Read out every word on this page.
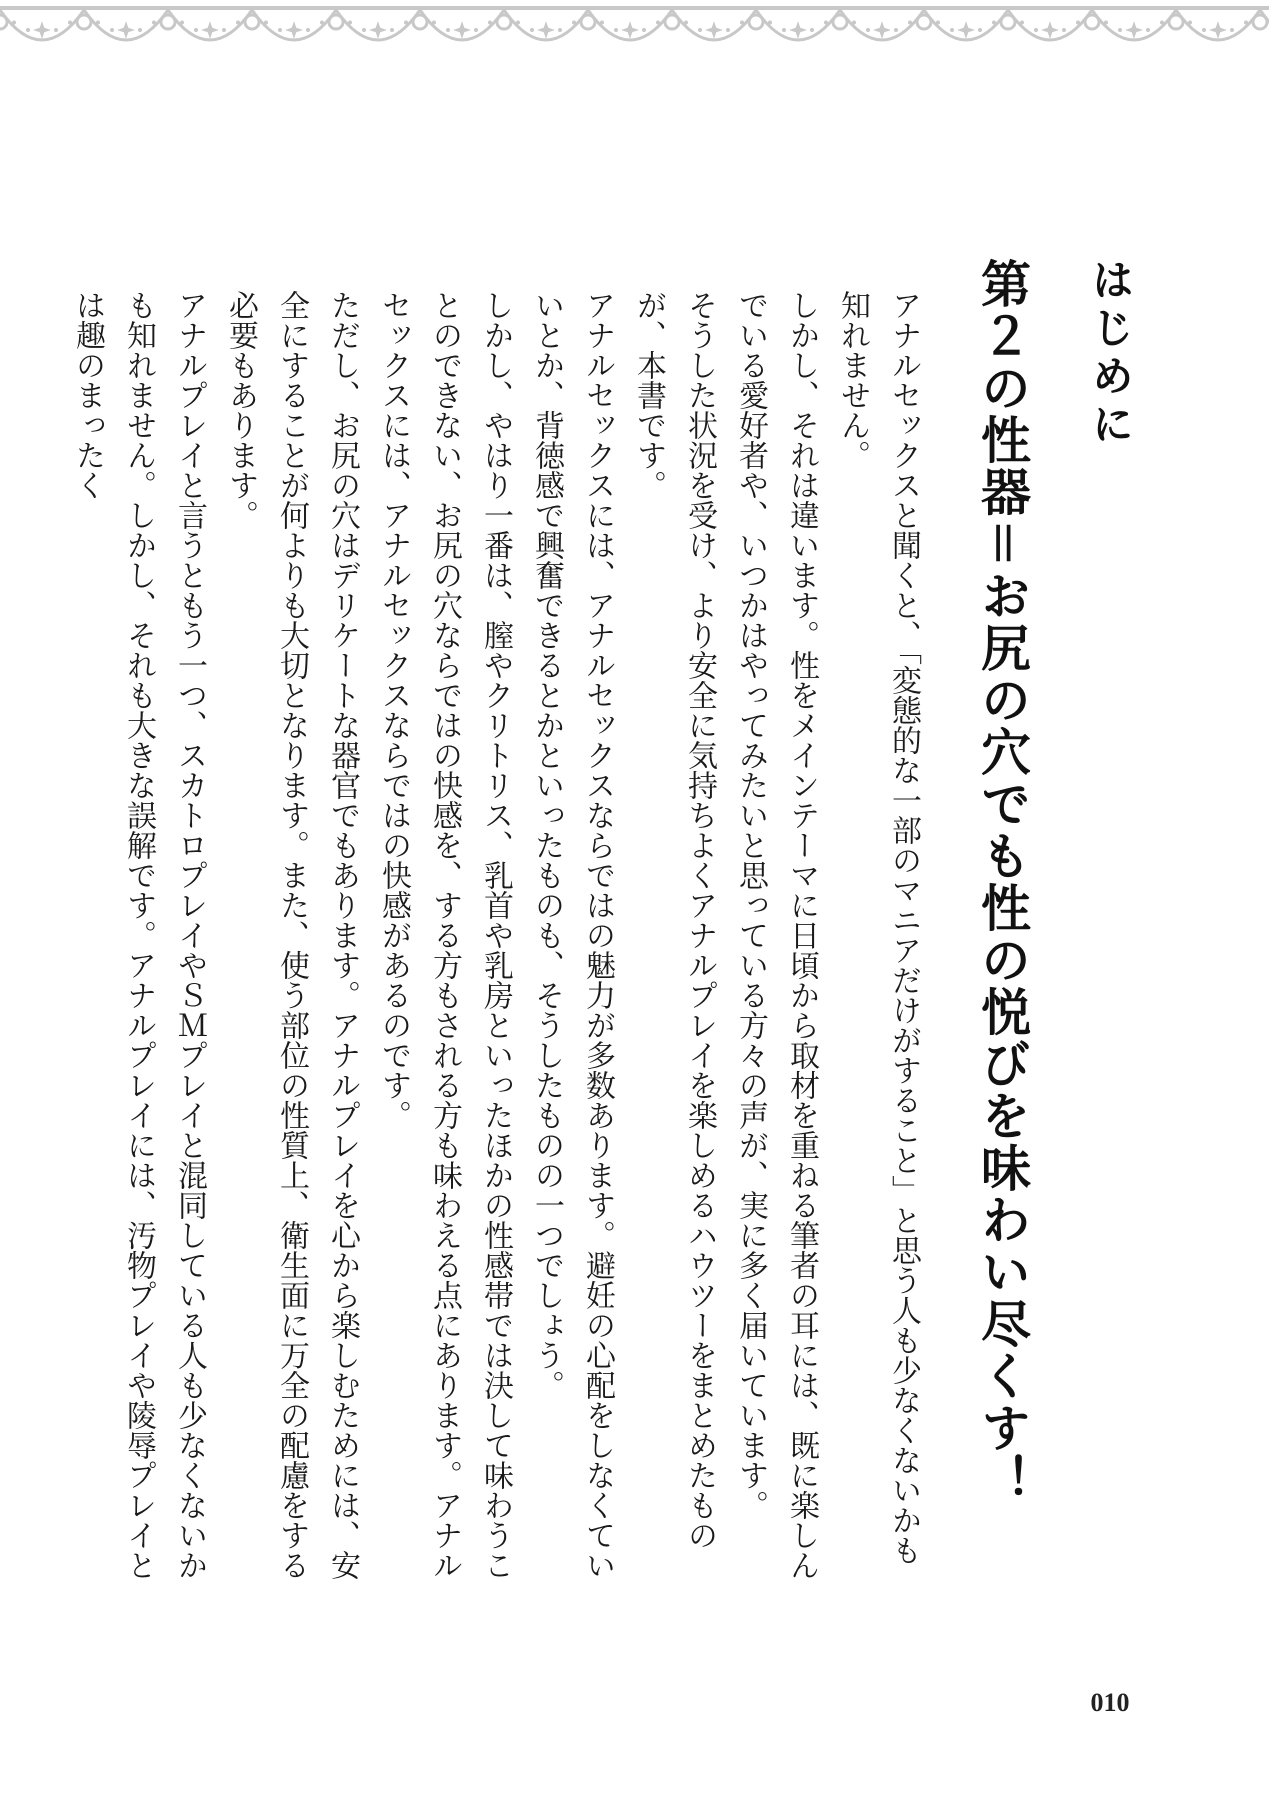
はじめに
第２の性器＝お尻の穴でも性の悦びを味わい尽くす！

アナルセックスと聞くと、「変態的な一部のマニアだけがすること」と思う人も少なくないかも知れません。

しかし、それは違います。性をメインテーマに日頃から取材を重ねる筆者の耳には、既に楽しんでいる愛好者や、いつかはやってみたいと思っている方々の声が、実に多く届いています。

そうした状況を受け、より安全に気持ちよくアナルプレイを楽しめるハウツーをまとめたものが、本書です。

アナルセックスには、アナルセックスならではの魅力が多数あります。避妊の心配をしなくていいとか、背徳感で興奮できるとかといったものも、そうしたものの一つでしょう。

しかし、やはり一番は、膣やクリトリス、乳首や乳房といったほかの性感帯では決して味わうことのできない、お尻の穴ならではの快感を、する方もされる方も味わえる点にあります。アナルセックスには、アナルセックスならではの快感があるのです。

ただし、お尻の穴はデリケートな器官でもあります。アナルプレイを心から楽しむためには、安全にすることが何よりも大切となります。また、使う部位の性質上、衛生面に万全の配慮をする必要もあります。

アナルプレイと言うともう一つ、スカトロプレイやＳＭプレイと混同している人も少なくないかも知れません。しかし、それも大きな誤解です。アナルプレイには、汚物プレイや陵辱プレイとは趣のまったく

010
